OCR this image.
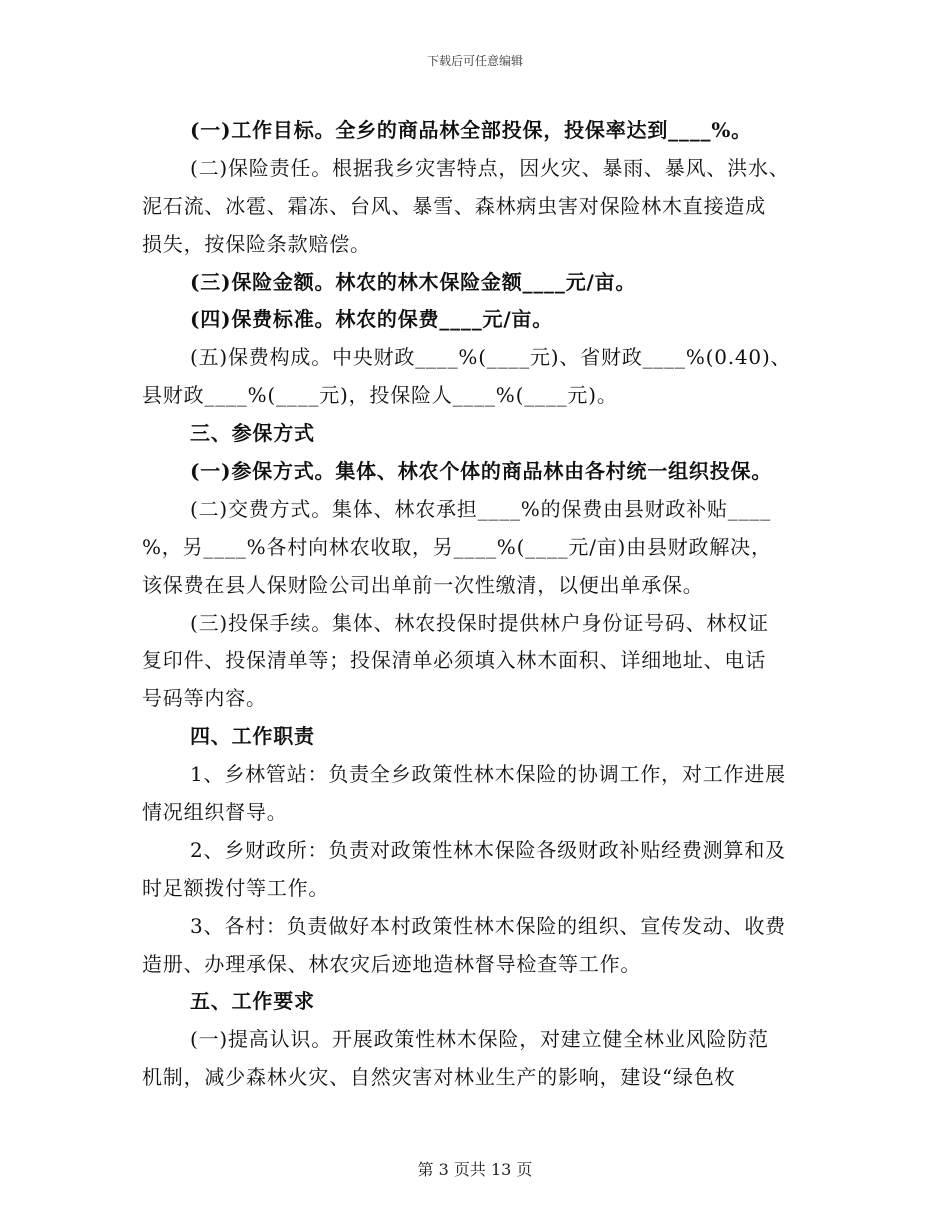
下载后可任意编辑
(一)工作目标。全乡的商品林全部投保，投保率达到____%。
(二)保险责任。根据我乡灾害特点，因火灾、暴雨、暴风、洪水、
泥石流、冰雹、霜冻、台风、暴雪、森林病虫害对保险林木直接造成
损失，按保险条款赔偿。
(三)保险金额。林农的林木保险金额____元/亩。
(四)保费标准。林农的保费____元/亩。
(五)保费构成。中央财政____%(____元)、省财政____%(0.40)、
县财政____%(____元)，投保险人____%(____元)。
三、参保方式
(一)参保方式。集体、林农个体的商品林由各村统一组织投保。
(二)交费方式。集体、林农承担____%的保费由县财政补贴____
%，另____%各村向林农收取，另____%(____元/亩)由县财政解决，
该保费在县人保财险公司出单前一次性缴清，以便出单承保。
(三)投保手续。集体、林农投保时提供林户身份证号码、林权证
复印件、投保清单等；投保清单必须填入林木面积、详细地址、电话
号码等内容。
四、工作职责
1、乡林管站：负责全乡政策性林木保险的协调工作，对工作进展
情况组织督导。
2、乡财政所：负责对政策性林木保险各级财政补贴经费测算和及
时足额拨付等工作。
3、各村：负责做好本村政策性林木保险的组织、宣传发动、收费
造册、办理承保、林农灾后迹地造林督导检查等工作。
五、工作要求
(一)提高认识。开展政策性林木保险，对建立健全林业风险防范
机制，减少森林火灾、自然灾害对林业生产的影响，建设“绿色枚
第 3 页共 13 页
